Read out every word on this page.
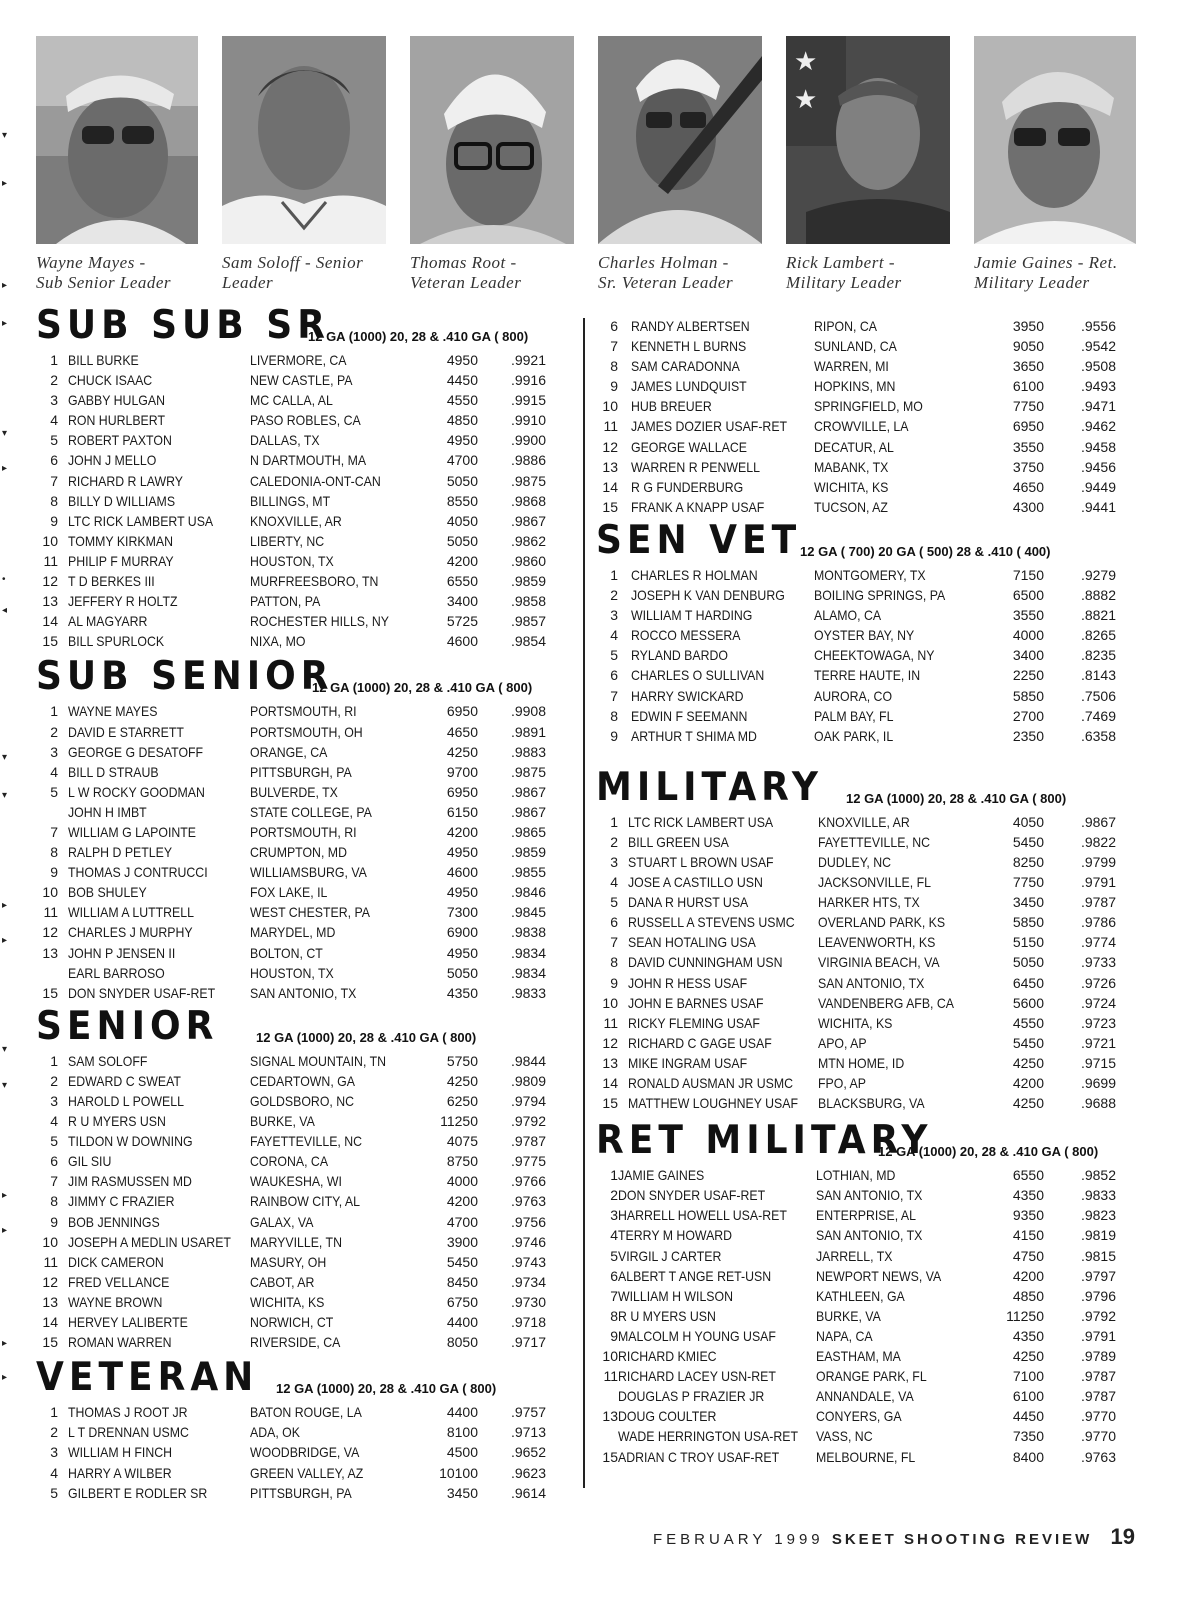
▾
▸
▸
▸
▾
▸
•
◂
▾
▾
▸
▸
▾
▾
▸
▸
▸
▸
Wayne Mayes -
Sub Senior Leader
Sam Soloff - Senior
Leader
Thomas Root -
Veteran Leader
Charles Holman -
Sr. Veteran Leader
★
★
Rick Lambert -
Military Leader
Jamie Gaines - Ret.
Military Leader
SUB SUB SR
12 GA (1000) 20, 28 & .410 GA ( 800)
1 BILL BURKE	LIVERMORE, CA	4950	.9921
2 CHUCK ISAAC	NEW CASTLE, PA	4450	.9916
3 GABBY HULGAN	MC CALLA, AL	4550	.9915
4 RON HURLBERT	PASO ROBLES, CA	4850	.9910
5 ROBERT PAXTON	DALLAS, TX	4950	.9900
6 JOHN J MELLO	N DARTMOUTH, MA	4700	.9886
7 RICHARD R LAWRY	CALEDONIA-ONT-CAN	5050	.9875
8 BILLY D WILLIAMS	BILLINGS, MT	8550	.9868
9 LTC RICK LAMBERT USA	KNOXVILLE, AR	4050	.9867
10 TOMMY KIRKMAN	LIBERTY, NC	5050	.9862
11 PHILIP F MURRAY	HOUSTON, TX	4200	.9860
12 T D BERKES III	MURFREESBORO, TN	6550	.9859
13 JEFFERY R HOLTZ	PATTON, PA	3400	.9858
14 AL MAGYARR	ROCHESTER HILLS, NY	5725	.9857
15 BILL SPURLOCK	NIXA, MO	4600	.9854
SUB SENIOR
12 GA (1000) 20, 28 & .410 GA ( 800)
1 WAYNE MAYES	PORTSMOUTH, RI	6950	.9908
2 DAVID E STARRETT	PORTSMOUTH, OH	4650	.9891
3 GEORGE G DESATOFF	ORANGE, CA	4250	.9883
4 BILL D STRAUB	PITTSBURGH, PA	9700	.9875
5 L W ROCKY GOODMAN	BULVERDE, TX	6950	.9867
JOHN H IMBT	STATE COLLEGE, PA	6150	.9867
7 WILLIAM G LAPOINTE	PORTSMOUTH, RI	4200	.9865
8 RALPH D PETLEY	CRUMPTON, MD	4950	.9859
9 THOMAS J CONTRUCCI	WILLIAMSBURG, VA	4600	.9855
10 BOB SHULEY	FOX LAKE, IL	4950	.9846
11 WILLIAM A LUTTRELL	WEST CHESTER, PA	7300	.9845
12 CHARLES J MURPHY	MARYDEL, MD	6900	.9838
13 JOHN P JENSEN II	BOLTON, CT	4950	.9834
EARL BARROSO	HOUSTON, TX	5050	.9834
15 DON SNYDER USAF-RET	SAN ANTONIO, TX	4350	.9833
SENIOR	12 GA (1000) 20, 28 & .410 GA ( 800)
1 SAM SOLOFF	SIGNAL MOUNTAIN, TN	5750	.9844
2 EDWARD C SWEAT	CEDARTOWN, GA	4250	.9809
3 HAROLD L POWELL	GOLDSBORO, NC	6250	.9794
4 R U MYERS USN	BURKE, VA	11250	.9792
5 TILDON W DOWNING	FAYETTEVILLE, NC	4075	.9787
6 GIL SIU	CORONA, CA	8750	.9775
7 JIM RASMUSSEN MD	WAUKESHA, WI	4000	.9766
8 JIMMY C FRAZIER	RAINBOW CITY, AL	4200	.9763
9 BOB JENNINGS	GALAX, VA	4700	.9756
10 JOSEPH A MEDLIN USARET	MARYVILLE, TN	3900	.9746
11 DICK CAMERON	MASURY, OH	5450	.9743
12 FRED VELLANCE	CABOT, AR	8450	.9734
13 WAYNE BROWN	WICHITA, KS	6750	.9730
14 HERVEY LALIBERTE	NORWICH, CT	4400	.9718
15 ROMAN WARREN	RIVERSIDE, CA	8050	.9717
VETERAN 12 GA (1000) 20, 28 & .410 GA ( 800)
1 THOMAS J ROOT JR	BATON ROUGE, LA	4400	.9757
2 L T DRENNAN USMC	ADA, OK	8100	.9713
3 WILLIAM H FINCH	WOODBRIDGE, VA	4500	.9652
4 HARRY A WILBER	GREEN VALLEY, AZ	10100	.9623
5 GILBERT E RODLER SR	PITTSBURGH, PA	3450	.9614
6 RANDY ALBERTSEN	RIPON, CA	3950	.9556
7 KENNETH L BURNS	SUNLAND, CA	9050	.9542
8 SAM CARADONNA	WARREN, MI	3650	.9508
9 JAMES LUNDQUIST	HOPKINS, MN	6100	.9493
10 HUB BREUER	SPRINGFIELD, MO	7750	.9471
11 JAMES DOZIER USAF-RET	CROWVILLE, LA	6950	.9462
12 GEORGE WALLACE	DECATUR, AL	3550	.9458
13 WARREN R PENWELL	MABANK, TX	3750	.9456
14 R G FUNDERBURG	WICHITA, KS	4650	.9449
15 FRANK A KNAPP USAF	TUCSON, AZ	4300	.9441
SEN VET
12 GA ( 700) 20 GA ( 500) 28 & .410 ( 400)
1 CHARLES R HOLMAN	MONTGOMERY, TX	7150	.9279
2 JOSEPH K VAN DENBURG	BOILING SPRINGS, PA	6500	.8882
3 WILLIAM T HARDING	ALAMO, CA	3550	.8821
4 ROCCO MESSERA	OYSTER BAY, NY	4000	.8265
5 RYLAND BARDO	CHEEKTOWAGA, NY	3400	.8235
6 CHARLES O SULLIVAN	TERRE HAUTE, IN	2250	.8143
7 HARRY SWICKARD	AURORA, CO	5850	.7506
8 EDWIN F SEEMANN	PALM BAY, FL	2700	.7469
9 ARTHUR T SHIMA MD	OAK PARK, IL	2350	.6358
MILITARY 12 GA (1000) 20, 28 & .410 GA ( 800)
1 LTC RICK LAMBERT USA	KNOXVILLE, AR	4050	.9867
2 BILL GREEN USA	FAYETTEVILLE, NC	5450	.9822
3 STUART L BROWN USAF	DUDLEY, NC	8250	.9799
4 JOSE A CASTILLO USN	JACKSONVILLE, FL	7750	.9791
5 DANA R HURST USA	HARKER HTS, TX	3450	.9787
6 RUSSELL A STEVENS USMC	OVERLAND PARK, KS	5850	.9786
7 SEAN HOTALING USA	LEAVENWORTH, KS	5150	.9774
8 DAVID CUNNINGHAM USN	VIRGINIA BEACH, VA	5050	.9733
9 JOHN R HESS USAF	SAN ANTONIO, TX	6450	.9726
10 JOHN E BARNES USAF	VANDENBERG AFB, CA	5600	.9724
11 RICKY FLEMING USAF	WICHITA, KS	4550	.9723
12 RICHARD C GAGE USAF	APO, AP	5450	.9721
13 MIKE INGRAM USAF	MTN HOME, ID	4250	.9715
14 RONALD AUSMAN JR USMC	FPO, AP	4200	.9699
15 MATTHEW LOUGHNEY USAF	BLACKSBURG, VA	4250	.9688
RET MILITARY
12 GA (1000) 20, 28 & .410 GA ( 800)
1 JAMIE GAINES	LOTHIAN, MD	6550	.9852
2 DON SNYDER USAF-RET	SAN ANTONIO, TX	4350	.9833
3 HARRELL HOWELL USA-RET	ENTERPRISE, AL	9350	.9823
4 TERRY M HOWARD	SAN ANTONIO, TX	4150	.9819
5 VIRGIL J CARTER	JARRELL, TX	4750	.9815
6 ALBERT T ANGE RET-USN	NEWPORT NEWS, VA	4200	.9797
7 WILLIAM H WILSON	KATHLEEN, GA	4850	.9796
8 R U MYERS USN	BURKE, VA	11250	.9792
9 MALCOLM H YOUNG USAF	NAPA, CA	4350	.9791
10 RICHARD KMIEC	EASTHAM, MA	4250	.9789
11 RICHARD LACEY USN-RET	ORANGE PARK, FL	7100	.9787
DOUGLAS P FRAZIER JR	ANNANDALE, VA	6100	.9787
13 DOUG COULTER	CONYERS, GA	4450	.9770
WADE HERRINGTON USA-RET	VASS, NC	7350	.9770
15 ADRIAN C TROY USAF-RET	MELBOURNE, FL	8400	.9763
FEBRUARY 1999 SKEET SHOOTING REVIEW 19
